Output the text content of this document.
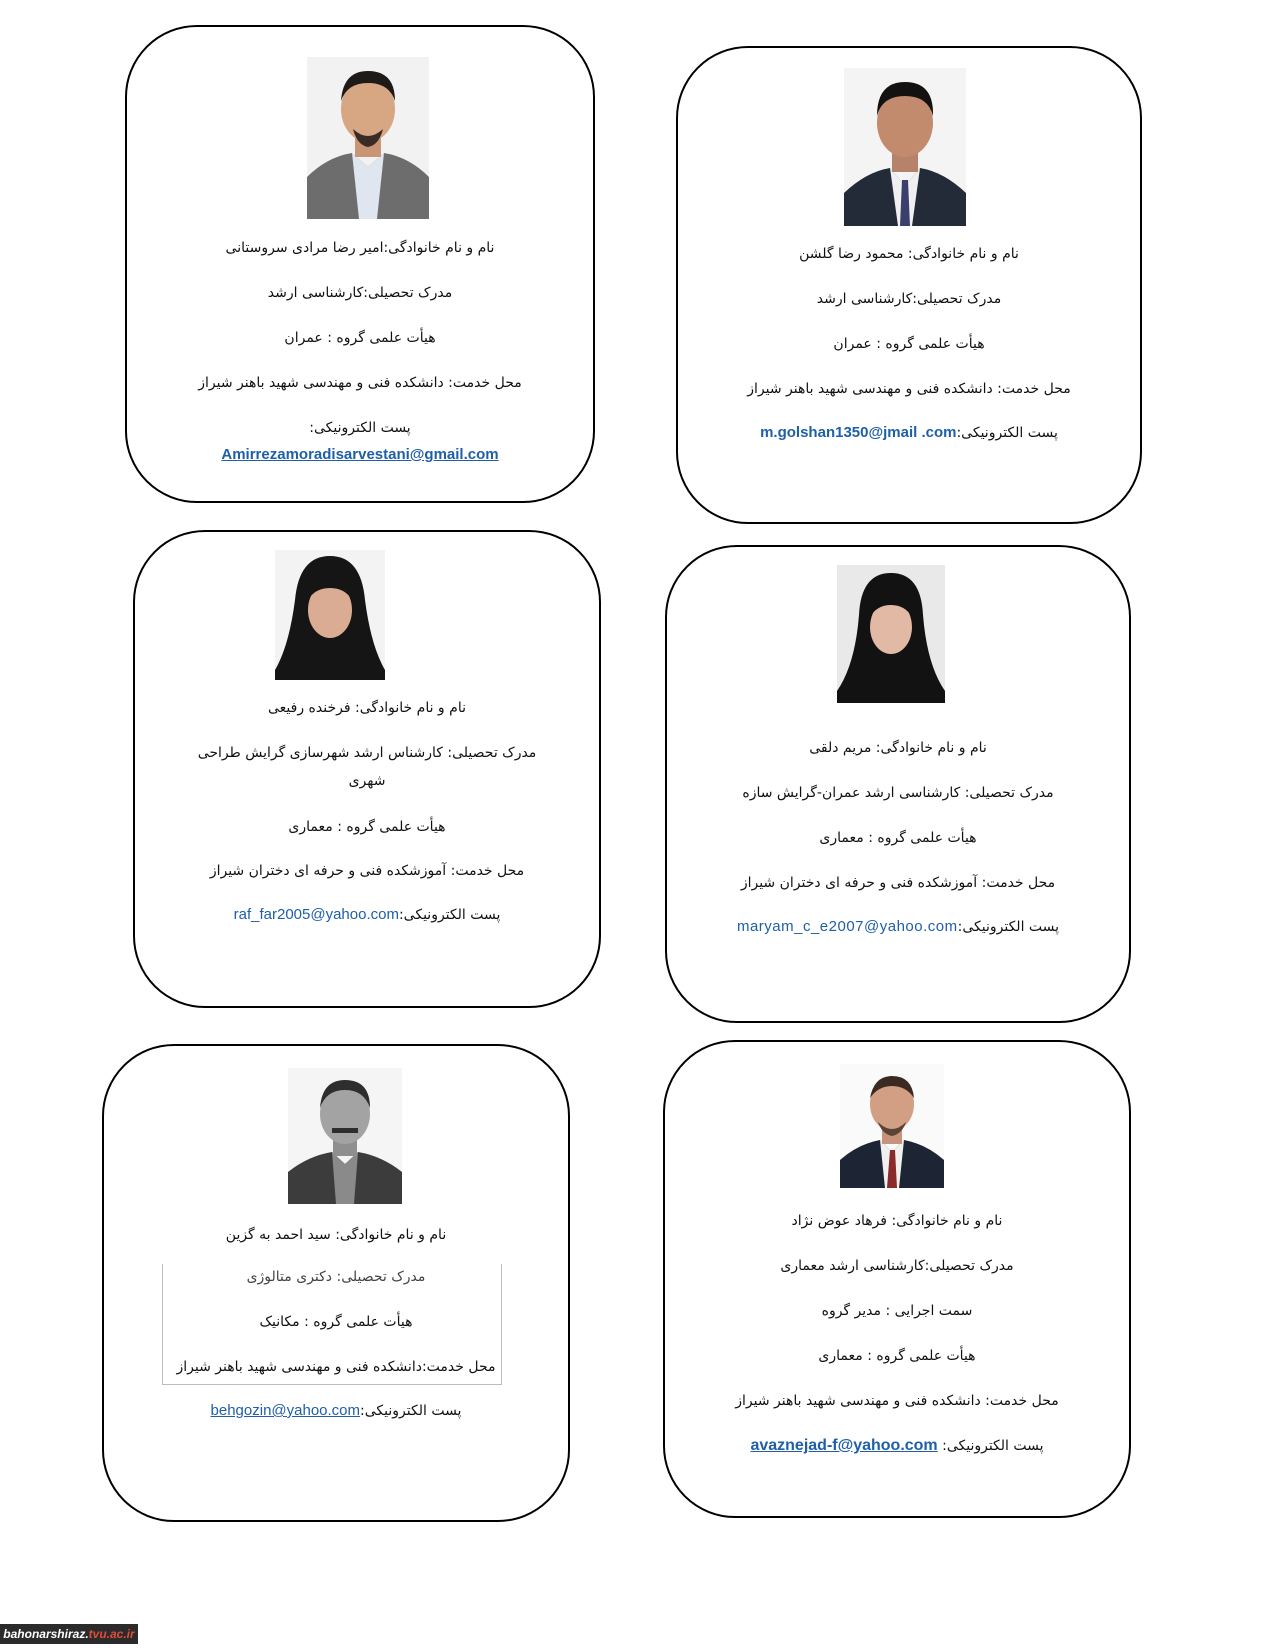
نام و نام خانوادگی:امیر رضا مرادی سروستانی
مدرک تحصیلی:کارشناسی ارشد
هیأت علمی گروه : عمران
محل خدمت: دانشکده فنی و مهندسی شهید باهنر شیراز
پست الکترونیکی:
Amirrezamoradisarvestani@gmail.com
نام و نام خانوادگی: محمود رضا گلشن
مدرک تحصیلی:کارشناسی ارشد
هیأت علمی گروه : عمران
محل خدمت: دانشکده فنی و مهندسی شهید باهنر شیراز
پست الکترونیکی:m.golshan1350@jmail .com
نام و نام خانوادگی: فرخنده رفیعی
مدرک تحصیلی: کارشناس ارشد شهرسازی گرایش طراحی
شهری
هیأت علمی گروه : معماری
محل خدمت: آموزشکده فنی و حرفه ای دختران شیراز
پست الکترونیکی:raf_far2005@yahoo.com
نام و نام خانوادگی: مریم دلقی
مدرک تحصیلی: کارشناسی ارشد عمران-گرایش سازه
هیأت علمی گروه : معماری
محل خدمت: آموزشکده فنی و حرفه ای دختران شیراز
پست الکترونیکی:maryam_c_e2007@yahoo.com
نام و نام خانوادگی: سید احمد به گزین
مدرک تحصیلی: دکتری متالوژی
هیأت علمی گروه : مکانیک
محل خدمت:دانشکده فنی و مهندسی شهید باهنر شیراز
پست الکترونیکی:behgozin@yahoo.com
نام و نام خانوادگی: فرهاد عوض نژاد
مدرک تحصیلی:کارشناسی ارشد معماری
سمت اجرایی : مدیر گروه
هیأت علمی گروه : معماری
محل خدمت: دانشکده فنی و مهندسی شهید باهنر شیراز
پست الکترونیکی: avaznejad-f@yahoo.com
bahonarshiraz.tvu.ac.ir
